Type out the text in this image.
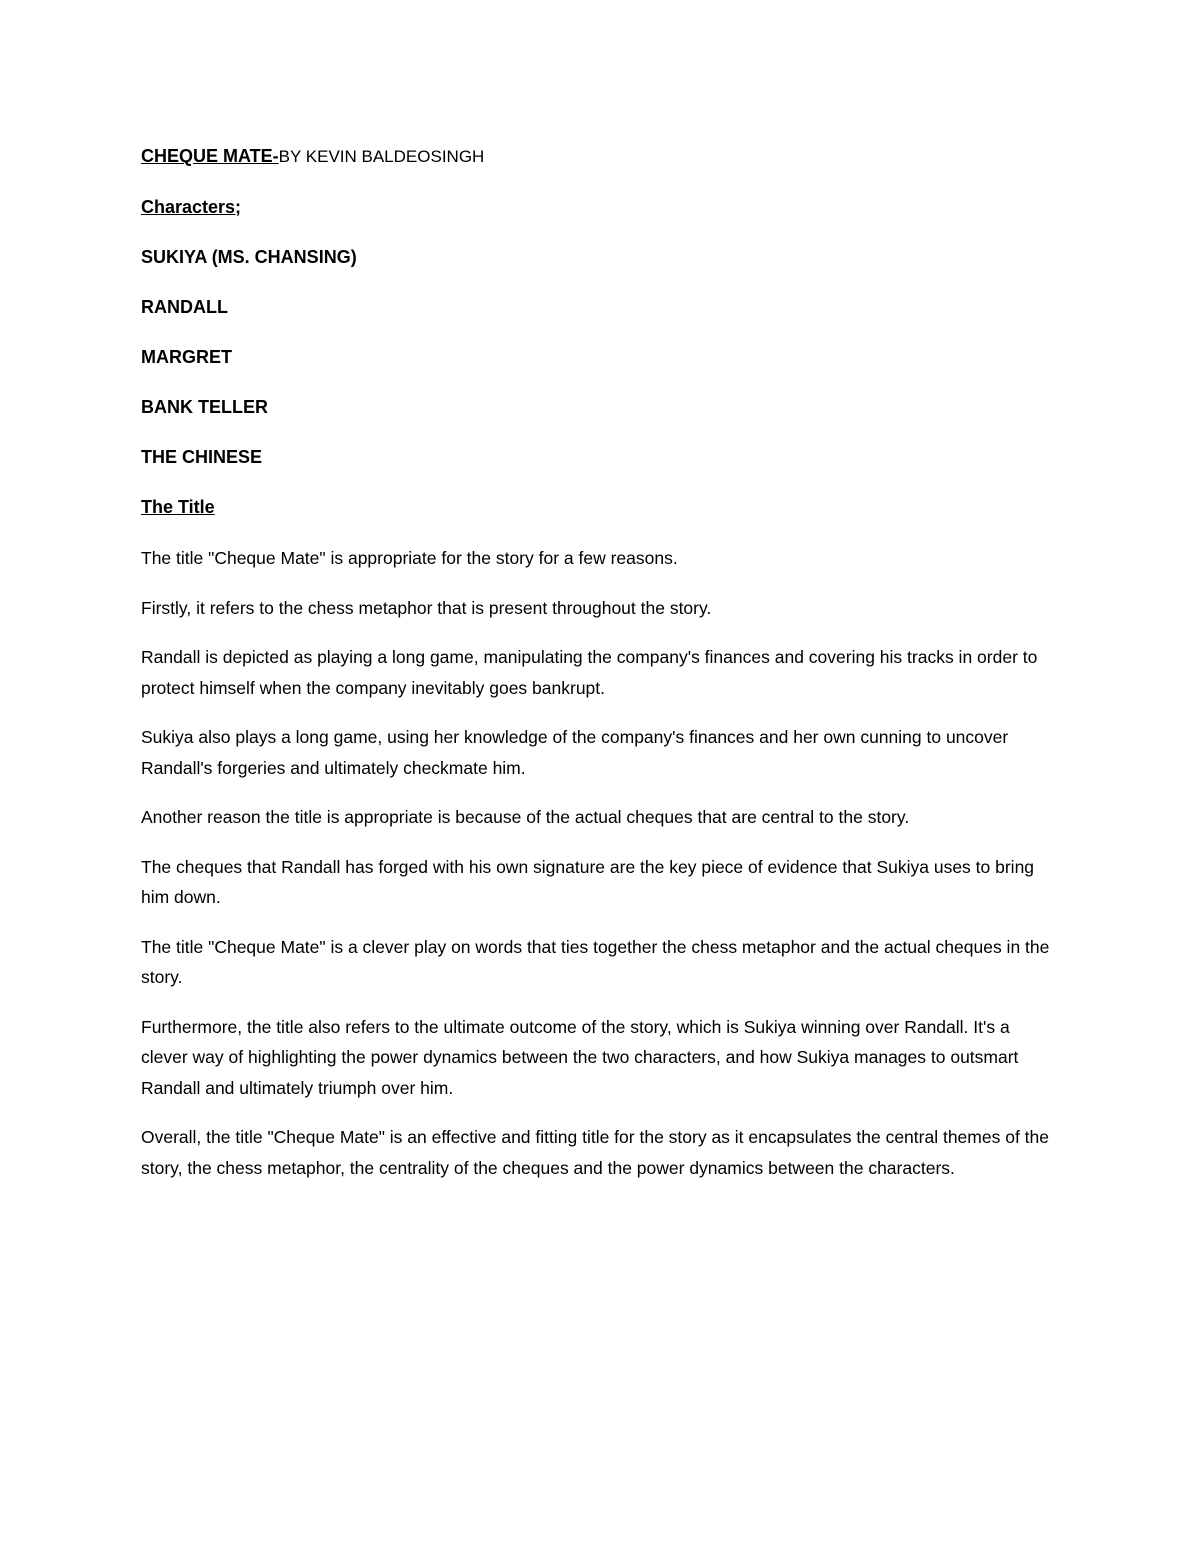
CHEQUE MATE-BY KEVIN BALDEOSINGH
Characters;
SUKIYA (MS. CHANSING)
RANDALL
MARGRET
BANK TELLER
THE CHINESE
The Title

The title "Cheque Mate" is appropriate for the story for a few reasons.

Firstly, it refers to the chess metaphor that is present throughout the story.

Randall is depicted as playing a long game, manipulating the company's finances and covering his tracks in order to protect himself when the company inevitably goes bankrupt.

Sukiya also plays a long game, using her knowledge of the company's finances and her own cunning to uncover Randall's forgeries and ultimately checkmate him.

Another reason the title is appropriate is because of the actual cheques that are central to the story.

The cheques that Randall has forged with his own signature are the key piece of evidence that Sukiya uses to bring him down.

The title "Cheque Mate" is a clever play on words that ties together the chess metaphor and the actual cheques in the story.

Furthermore, the title also refers to the ultimate outcome of the story, which is Sukiya winning over Randall. It's a clever way of highlighting the power dynamics between the two characters, and how Sukiya manages to outsmart Randall and ultimately triumph over him.

Overall, the title "Cheque Mate" is an effective and fitting title for the story as it encapsulates the central themes of the story, the chess metaphor, the centrality of the cheques and the power dynamics between the characters.
